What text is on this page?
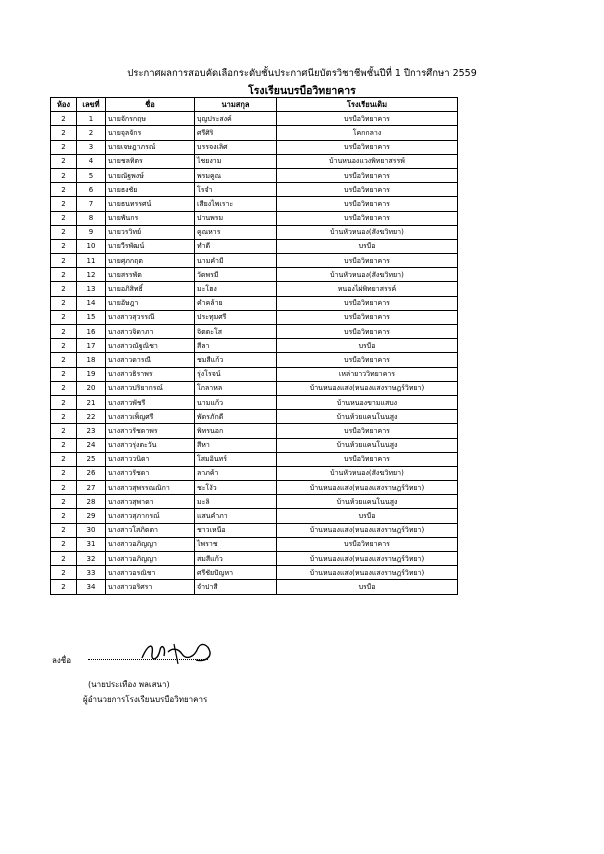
ประกาศผลการสอบคัดเลือกระดับชั้นประกาศนียบัตรวิชาชีพชั้นปีที่ 1 ปีการศึกษา 2559
โรงเรียนบรบือวิทยาคาร
ห้อง	เลขที่	ชื่อ	นามสกุล	โรงเรียนเดิม
2	1	นายจักรกฤษ	บุญประสงค์	บรบือวิทยาคาร
2	2	นายจุลจักร	ศรีศิริ	โคกกลาง
2	3	นายเจษฎาภรณ์	บรรจงเลิศ	บรบือวิทยาคาร
2	4	นายชลทิตร	ไชยงาม	บ้านหนองแวงพิทยาสรรพ์
2	5	นายณัฐพงษ์	พรมคูณ	บรบือวิทยาคาร
2	6	นายธงชัย	โรจำ	บรบือวิทยาคาร
2	7	นายธนทรรศน์	เสียงไพเราะ	บรบือวิทยาคาร
2	8	นายพันกร	ปานพรม	บรบือวิทยาคาร
2	9	นายวรวิทย์	คูณหาร	บ้านหัวหนอง(สังฆวิทยา)
2	10	นายวีรพัฒน์	ทำดี	บรบือ
2	11	นายศุภกฤต	นามคำมี	บรบือวิทยาคาร
2	12	นายสรรพัต	วัดพรมี	บ้านหัวหนอง(สังฆวิทยา)
2	13	นายอภิสิทธิ์	มะโฮง	หนองไผ่พิทยาสรรค์
2	14	นายอัษฎา	คำคล้าย	บรบือวิทยาคาร
2	15	นางสาวสุวรรณี	ประทุมศรี	บรบือวิทยาคาร
2	16	นางสาวจิดาภา	จิตตะโส	บรบือวิทยาคาร
2	17	นางสาวณัฐณิชา	สีลา	บรบือ
2	18	นางสาวดารณี	ชมสีแก้ว	บรบือวิทยาคาร
2	19	นางสาวธิราพร	รุ่งโรจน์	เหล่ายาววิทยาคาร
2	20	นางสาวปริยากรณ์	โกลาหล	บ้านหนองแสง(หนองแสงราษฎร์วิทยา)
2	21	นางสาวพัชรี	นามแก้ว	บ้านหนองขามแสบง
2	22	นางสาวเพ็ญศรี	พัดรภักดี	บ้านห้วยแคนโนนสูง
2	23	นางสาวรัชดาพร	พิทรนอก	บรบือวิทยาคาร
2	24	นางสาวรุ่งตะวัน	สีหา	บ้านห้วยแคนโนนสูง
2	25	นางสาววนิดา	โสมอินทร์	บรบือวิทยาคาร
2	26	นางสาวรัชดา	ลาภค้า	บ้านหัวหนอง(สังฆวิทยา)
2	27	นางสาวสุพรรณณิกา	ชะโงัว	บ้านหนองแสง(หนองแสงราษฎร์วิทยา)
2	28	นางสาวสุพาดา	มะลิ	บ้านห้วยแคนโนนสูง
2	29	นางสาวสุภากรณ์	แสนคำภา	บรบือ
2	30	นางสาวโสภิตตา	ชาวเหนือ	บ้านหนองแสง(หนองแสงราษฎร์วิทยา)
2	31	นางสาวอภิญญา	ไพราช	บรบือวิทยาคาร
2	32	นางสาวอภิญญา	สมสีแก้ว	บ้านหนองแสง(หนองแสงราษฎร์วิทยา)
2	33	นางสาวอรณิชา	ศรีชัยปัญหา	บ้านหนองแสง(หนองแสงราษฎร์วิทยา)
2	34	นางสาวอริศรา	จำปาสี	บรบือ
ลงชื่อ
(นายประเทือง พลเสนา)
ผู้อำนวยการโรงเรียนบรบือวิทยาคาร
